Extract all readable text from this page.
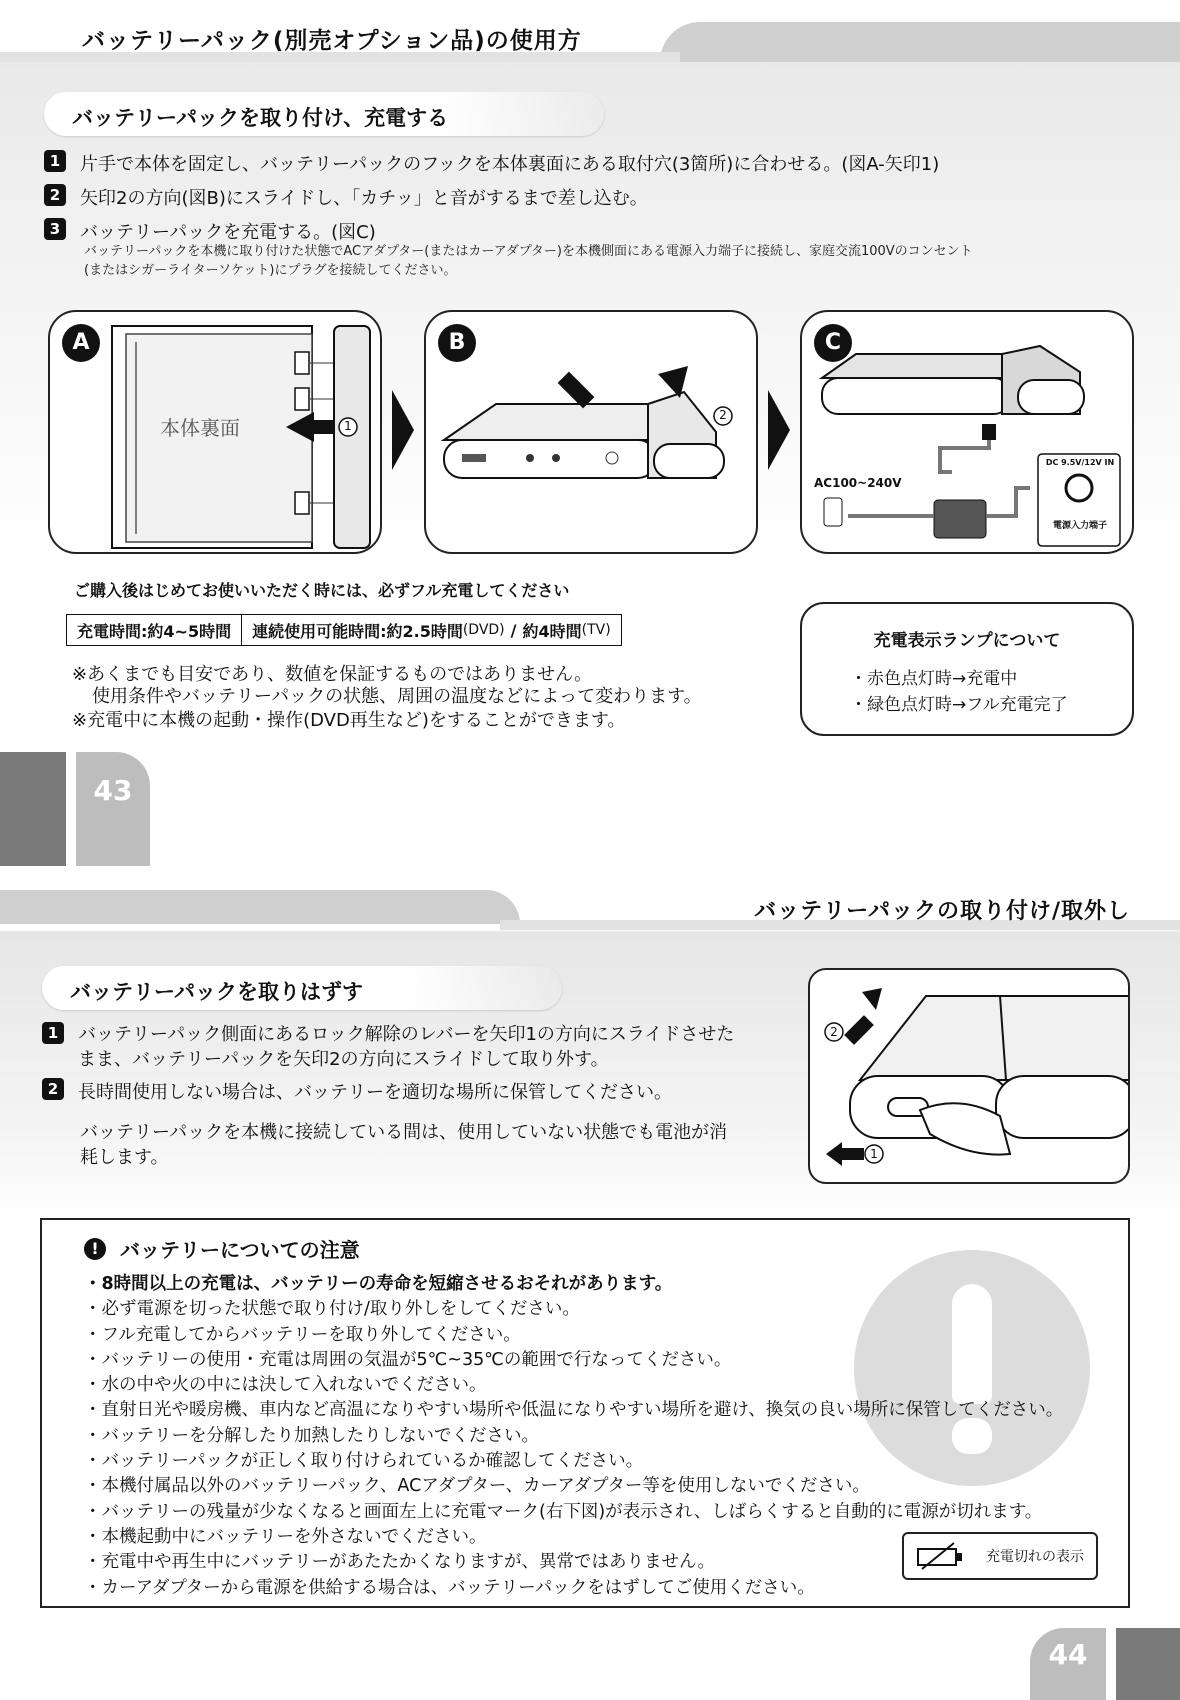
バッテリーパック(別売オプション品)の使用方
バッテリーパックを取り付け、充電する
1	片手で本体を固定し、バッテリーパックのフックを本体裏面にある取付穴(3箇所)に合わせる。(図A-矢印1)
2	矢印2の方向(図B)にスライドし、「カチッ」と音がするまで差し込む。
3	バッテリーパックを充電する。(図C)
バッテリーパックを本機に取り付けた状態でACアダプター(またはカーアダプター)を本機側面にある電源入力端子に接続し、家庭交流100Vのコンセント
(またはシガーライターソケット)にプラグを接続してください。
A
本体裏面	1
B
2
C
AC100~240V
DC 9.5V/12V IN
電源入力端子
ご購入後はじめてお使いいただく時には、必ずフル充電してください
充電時間:約4~5時間	連続使用可能時間:約2.5時間 (DVD) / 約4時間 (TV)
※あくまでも目安であり、数値を保証するものではありません。
使用条件やバッテリーパックの状態、周囲の温度などによって変わります。
※充電中に本機の起動・操作(DVD再生など)をすることができます。
充電表示ランプについて
・赤色点灯時→充電中
・緑色点灯時→フル充電完了
43
バッテリーパックの取り付け/取外し
バッテリーパックを取りはずす
1	バッテリーパック側面にあるロック解除のレバーを矢印1の方向にスライドさせた
まま、バッテリーパックを矢印2の方向にスライドして取り外す。
2	長時間使用しない場合は、バッテリーを適切な場所に保管してください。
バッテリーパックを本機に接続している間は、使用していない状態でも電池が消
耗します。
2
1
!	バッテリーについての注意
・8時間以上の充電は、バッテリーの寿命を短縮させるおそれがあります。
・必ず電源を切った状態で取り付け/取り外しをしてください。
・フル充電してからバッテリーを取り外してください。
・バッテリーの使用・充電は周囲の気温が5℃~35℃の範囲で行なってください。
・水の中や火の中には決して入れないでください。
・直射日光や暖房機、車内など高温になりやすい場所や低温になりやすい場所を避け、換気の良い場所に保管してください。
・バッテリーを分解したり加熱したりしないでください。
・バッテリーパックが正しく取り付けられているか確認してください。
・本機付属品以外のバッテリーパック、ACアダプター、カーアダプター等を使用しないでください。
・バッテリーの残量が少なくなると画面左上に充電マーク(右下図)が表示され、しばらくすると自動的に電源が切れます。
・本機起動中にバッテリーを外さないでください。
・充電中や再生中にバッテリーがあたたかくなりますが、異常ではありません。
・カーアダプターから電源を供給する場合は、バッテリーパックをはずしてご使用ください。
充電切れの表示
44
